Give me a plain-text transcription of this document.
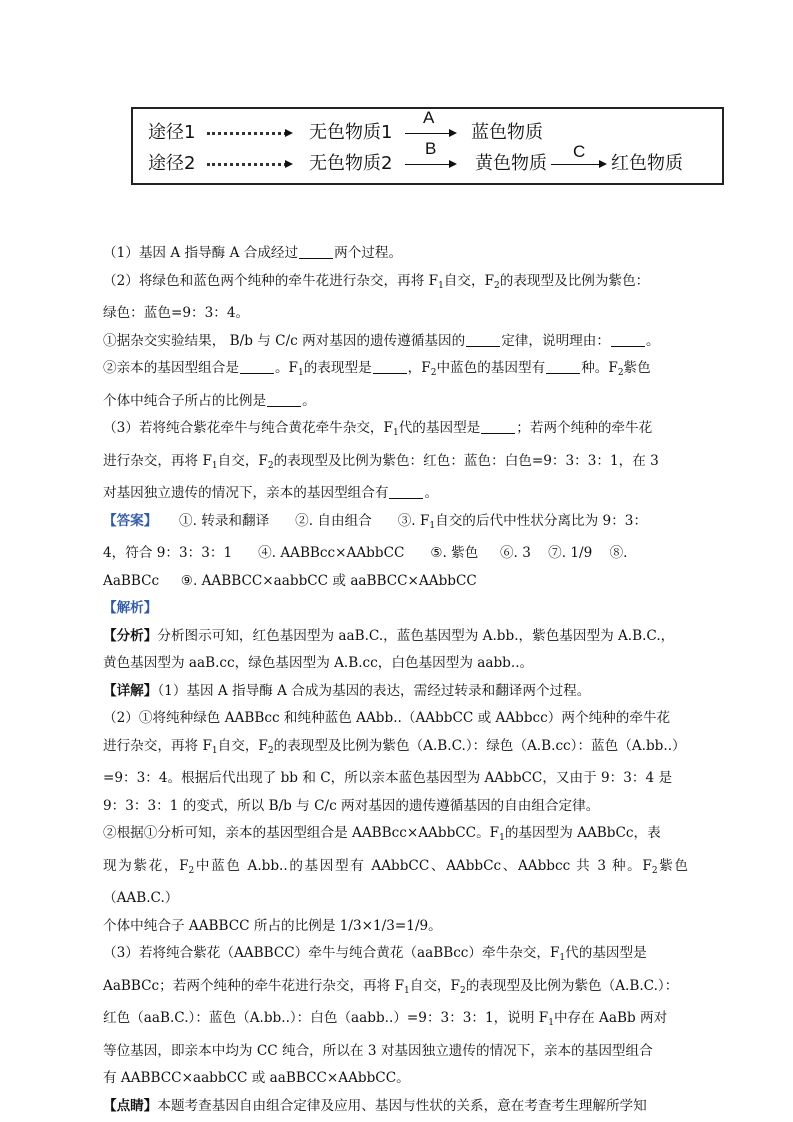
途径1	无色物质1
A
蓝色物质
途径2	无色物质2
B
黄色物质
C
红色物质

（1）基因 A 指导酶 A 合成经过	两个过程。

（2）将绿色和蓝色两个纯种的牵牛花进行杂交，再将 $F_1$自交，$F_2$的表现型及比例为紫色：

绿色：蓝色=9：3：4。

①据杂交实验结果， B/b 与 C/c 两对基因的遗传遵循基因的	定律，说明理由：	。

②亲本的基因型组合是	。$F_1$的表现型是	，$F_2$中蓝色的基因型有	种。$F_2$紫色

个体中纯合子所占的比例是	。

（3）若将纯合紫花牵牛与纯合黄花牵牛杂交，$F_1$代的基因型是	；若两个纯种的牵牛花

进行杂交，再将 $F_1$自交，$F_2$的表现型及比例为紫色：红色：蓝色：白色=9：3：3：1，在 3

对基因独立遗传的情况下，亲本的基因型组合有	。

【答案】 ①. 转录和翻译 ②. 自由组合 ③. $F_1$自交的后代中性状分离比为 9：3：

4，符合 9：3：3：1 ④. AABBcc×AAbbCC ⑤. 紫色 ⑥. 3 ⑦. 1/9 ⑧.

AaBBCc ⑨. AABBCC×aabbCC 或 aaBBCC×AAbbCC

【解析】

【分析】分析图示可知，红色基因型为 aaB.C.，蓝色基因型为 A.bb.，紫色基因型为 A.B.C.，

黄色基因型为 aaB.cc，绿色基因型为 A.B.cc，白色基因型为 aabb..。

【详解】（1）基因 A 指导酶 A 合成为基因的表达，需经过转录和翻译两个过程。

（2）①将纯种绿色 AABBcc 和纯种蓝色 AAbb..（AAbbCC 或 AAbbcc）两个纯种的牵牛花

进行杂交，再将 $F_1$自交，$F_2$的表现型及比例为紫色（A.B.C.）：绿色（A.B.cc）：蓝色（A.bb..）

=9：3：4。根据后代出现了 bb 和 C，所以亲本蓝色基因型为 AAbbCC，又由于 9：3：4 是

9：3：3：1 的变式，所以 B/b 与 C/c 两对基因的遗传遵循基因的自由组合定律。

②根据①分析可知，亲本的基因型组合是 AABBcc×AAbbCC。$F_1$的基因型为 AABbCc，表

现为紫花，$F_2$中蓝色 A.bb..的基因型有 AAbbCC、AAbbCc、AAbbcc 共 3 种。$F_2$紫色（AAB.C.）

个体中纯合子 AABBCC 所占的比例是 1/3×1/3=1/9。

（3）若将纯合紫花（AABBCC）牵牛与纯合黄花（aaBBcc）牵牛杂交，$F_1$代的基因型是

AaBBCc；若两个纯种的牵牛花进行杂交，再将 $F_1$自交，$F_2$的表现型及比例为紫色（A.B.C.）：

红色（aaB.C.）：蓝色（A.bb..）：白色（aabb..）=9：3：3：1，说明 $F_1$中存在 AaBb 两对

等位基因，即亲本中均为 CC 纯合，所以在 3 对基因独立遗传的情况下，亲本的基因型组合

有 AABBCC×aabbCC 或 aaBBCC×AAbbCC。

【点睛】本题考查基因自由组合定律及应用、基因与性状的关系，意在考查考生理解所学知
